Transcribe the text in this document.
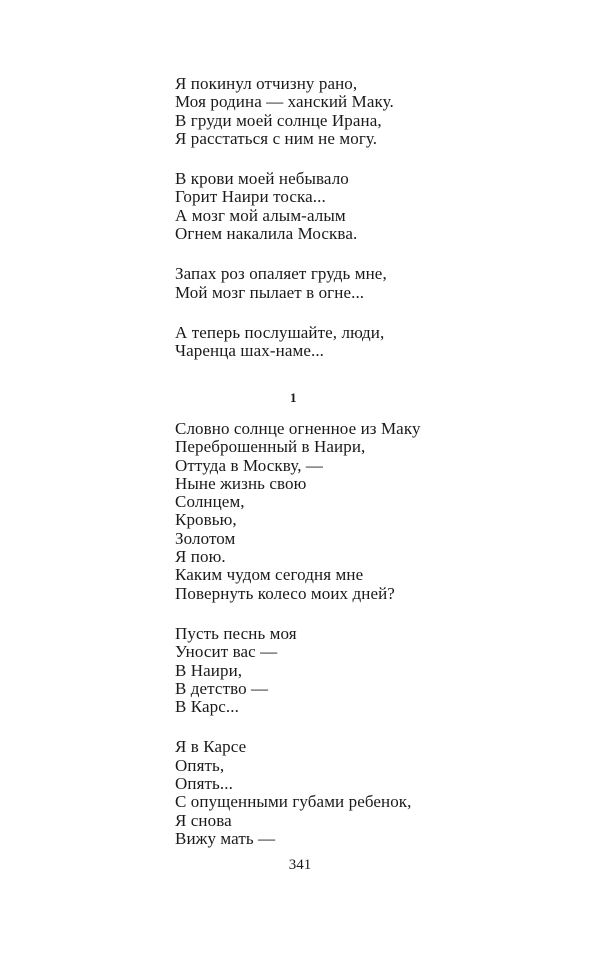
Я покинул отчизну рано,
Моя родина — ханский Маку.
В груди моей солнце Ирана,
Я расстаться с ним не могу.
В крови моей небывало
Горит Наири тоска...
А мозг мой алым-алым
Огнем накалила Москва.
Запах роз опаляет грудь мне,
Мой мозг пылает в огне...
А теперь послушайте, люди,
Чаренца шах-наме...
1
Словно солнце огненное из Маку
Переброшенный в Наири,
Оттуда в Москву, —
Ныне жизнь свою
Солнцем,
Кровью,
Золотом
Я пою.
Каким чудом сегодня мне
Повернуть колесо моих дней?
Пусть песнь моя
Уносит вас —
В Наири,
В детство —
В Карс...
Я в Карсе
Опять,
Опять...
С опущенными губами ребенок,
Я снова
Вижу мать —
341
